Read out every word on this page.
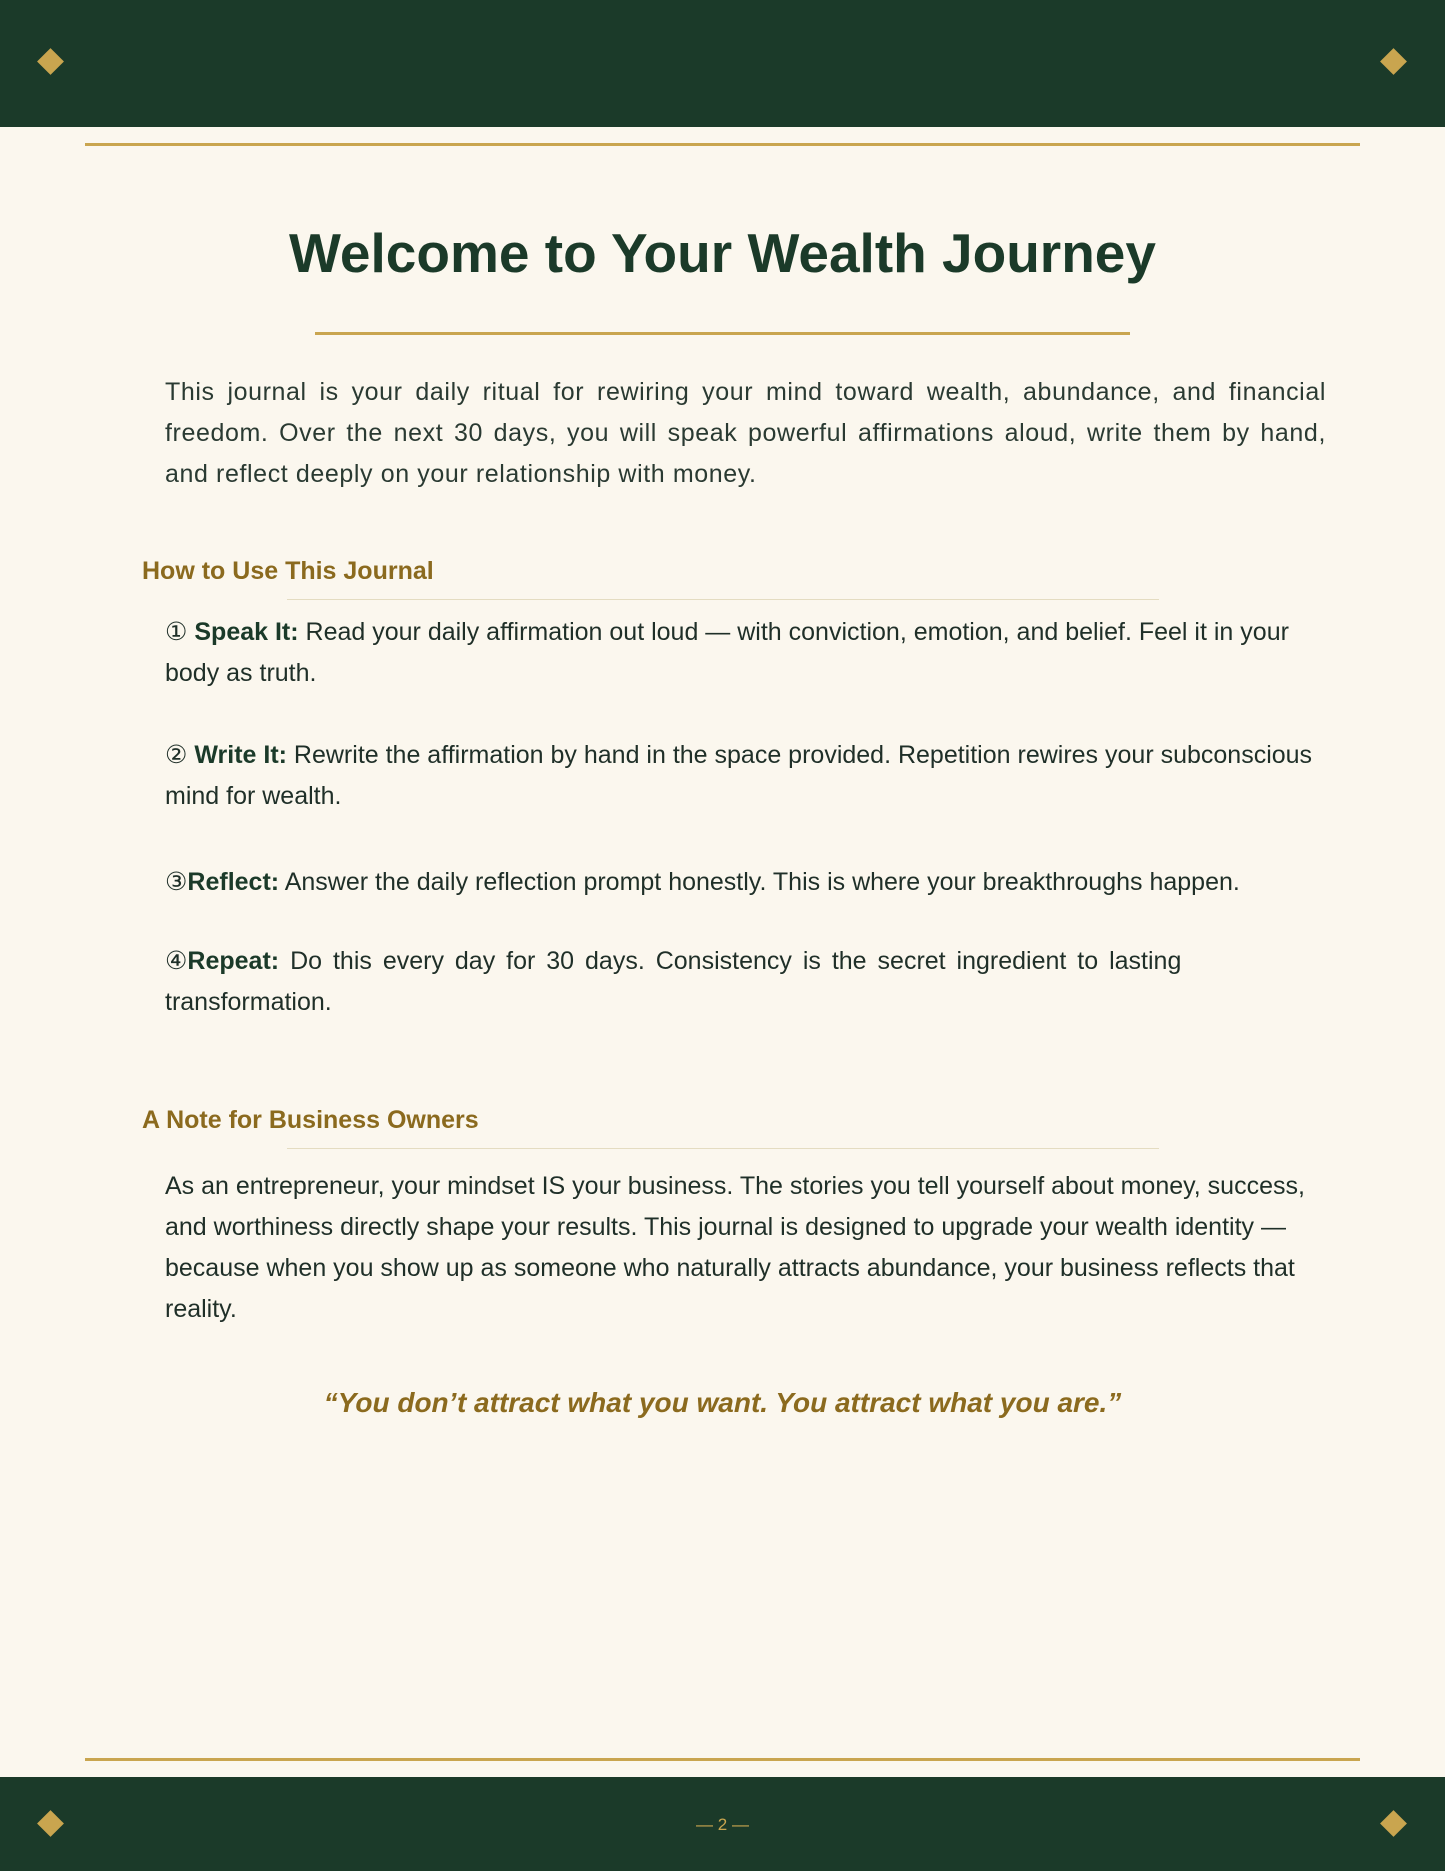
Welcome to Your Wealth Journey

This journal is your daily ritual for rewiring your mind toward wealth, abundance, and financial freedom. Over the next 30 days, you will speak powerful affirmations aloud, write them by hand, and reflect deeply on your relationship with money.

How to Use This Journal

① Speak It: Read your daily affirmation out loud — with conviction, emotion, and belief. Feel it in your body as truth.

② Write It: Rewrite the affirmation by hand in the space provided. Repetition rewires your subconscious mind for wealth.

③Reflect: Answer the daily reflection prompt honestly. This is where your breakthroughs happen.

④Repeat: Do this every day for 30 days. Consistency is the secret ingredient to lasting transformation.

A Note for Business Owners

As an entrepreneur, your mindset IS your business. The stories you tell yourself about money, success, and worthiness directly shape your results. This journal is designed to upgrade your wealth identity — because when you show up as someone who naturally attracts abundance, your business reflects that reality.

“You don’t attract what you want. You attract what you are.”

— 2 —
